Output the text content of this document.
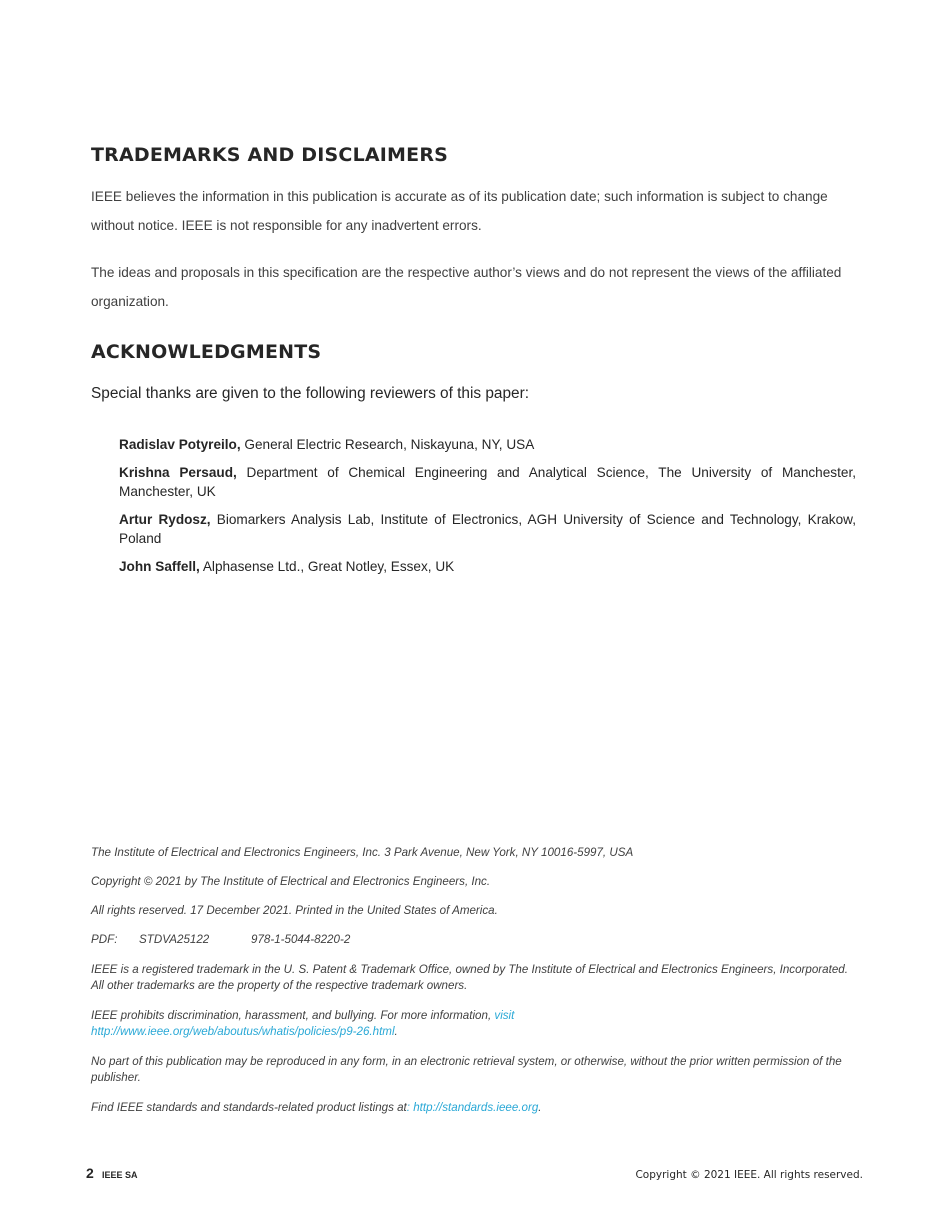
TRADEMARKS AND DISCLAIMERS

IEEE believes the information in this publication is accurate as of its publication date; such information is subject to change without notice. IEEE is not responsible for any inadvertent errors.

The ideas and proposals in this specification are the respective author’s views and do not represent the views of the affiliated organization.

ACKNOWLEDGMENTS

Special thanks are given to the following reviewers of this paper:

Radislav Potyreilo, General Electric Research, Niskayuna, NY, USA

Krishna Persaud, Department of Chemical Engineering and Analytical Science, The University of Manchester, Manchester, UK

Artur Rydosz, Biomarkers Analysis Lab, Institute of Electronics, AGH University of Science and Technology, Krakow, Poland

John Saffell, Alphasense Ltd., Great Notley, Essex, UK

The Institute of Electrical and Electronics Engineers, Inc. 3 Park Avenue, New York, NY 10016-5997, USA

Copyright © 2021 by The Institute of Electrical and Electronics Engineers, Inc.

All rights reserved. 17 December 2021. Printed in the United States of America.

PDF: STDVA25122	978-1-5044-8220-2

IEEE is a registered trademark in the U. S. Patent & Trademark Office, owned by The Institute of Electrical and Electronics Engineers, Incorporated. All other trademarks are the property of the respective trademark owners.

IEEE prohibits discrimination, harassment, and bullying. For more information, visit
http://www.ieee.org/web/aboutus/whatis/policies/p9-26.html.

No part of this publication may be reproduced in any form, in an electronic retrieval system, or otherwise, without the prior written permission of the publisher.

Find IEEE standards and standards-related product listings at: http://standards.ieee.org.

2 IEEE SA	Copyright © 2021 IEEE. All rights reserved.
